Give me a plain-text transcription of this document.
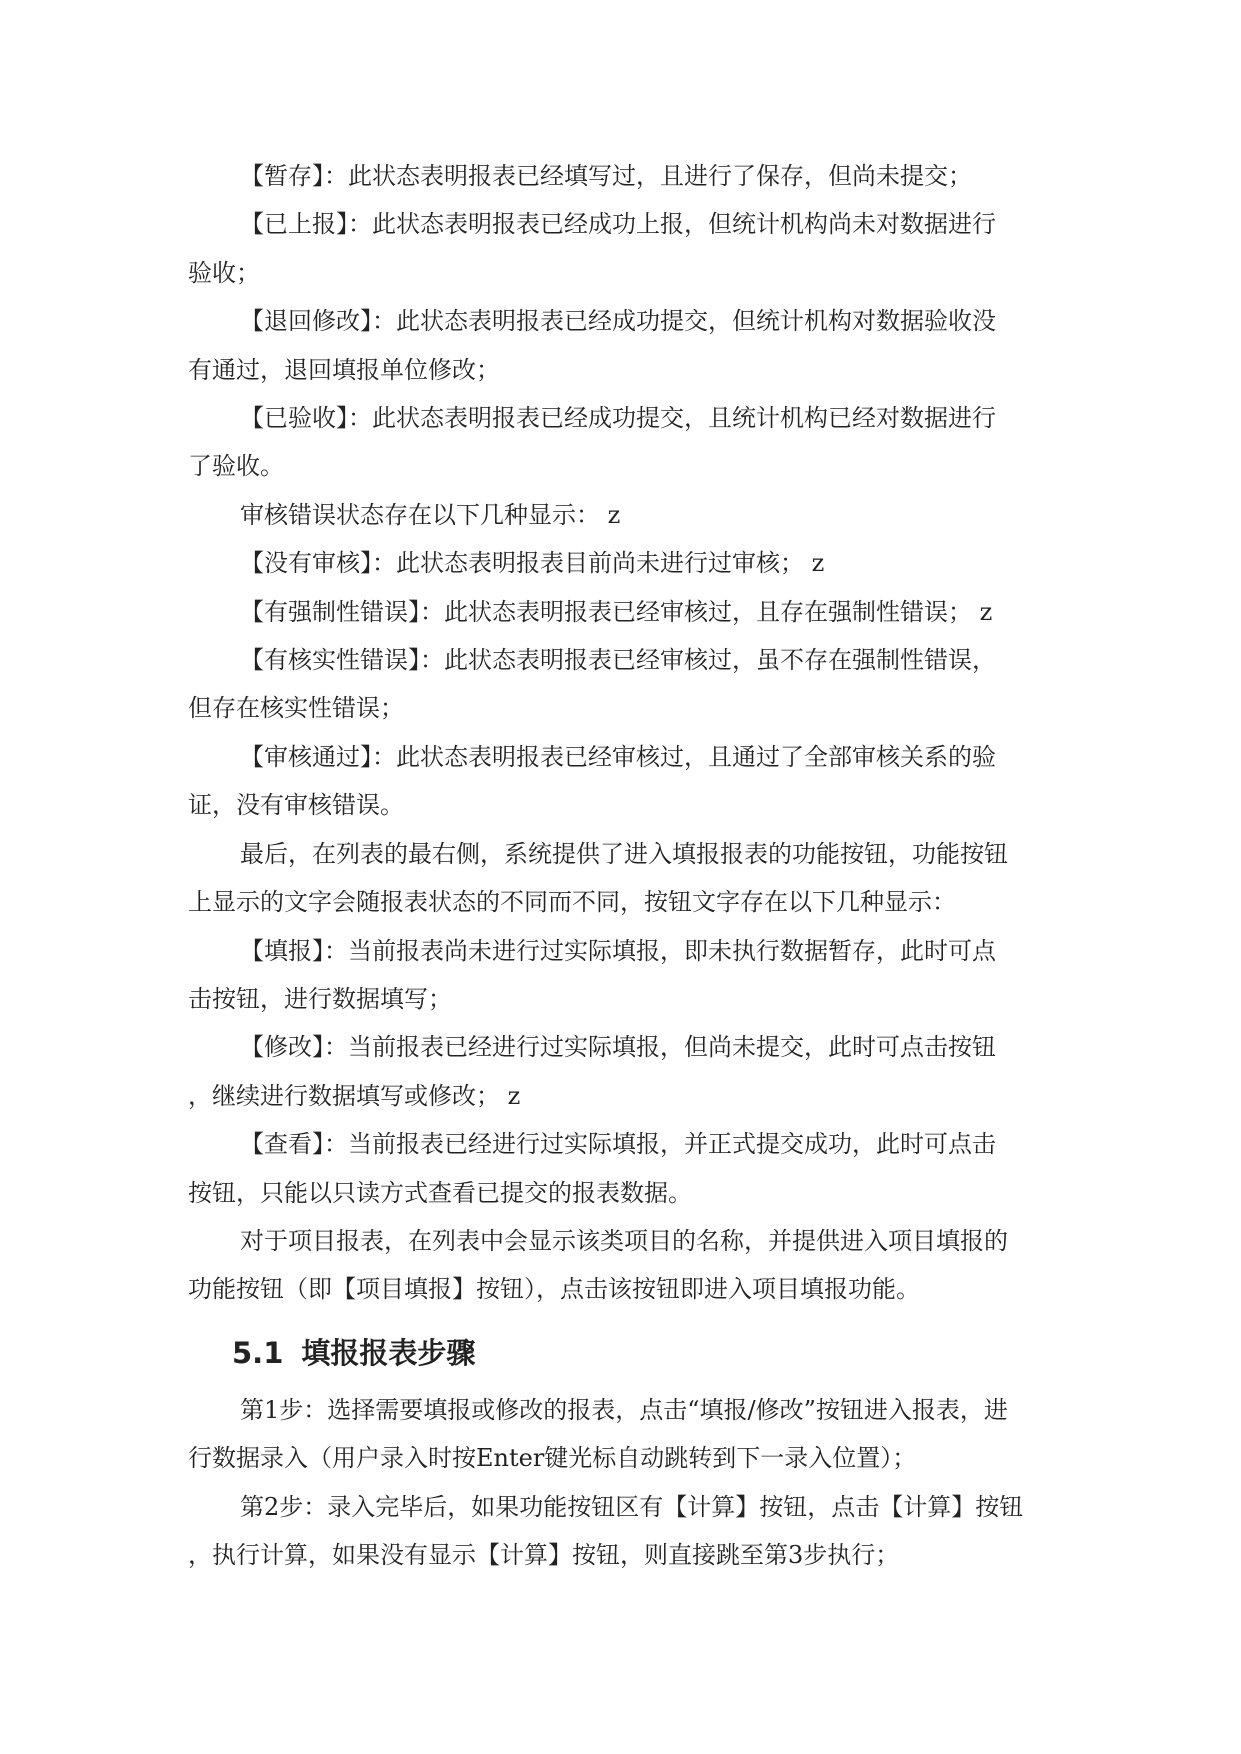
【暂存】：此状态表明报表已经填写过，且进行了保存，但尚未提交；
【已上报】：此状态表明报表已经成功上报，但统计机构尚未对数据进行
验收；
【退回修改】：此状态表明报表已经成功提交，但统计机构对数据验收没
有通过，退回填报单位修改；
【已验收】：此状态表明报表已经成功提交，且统计机构已经对数据进行
了验收。
审核错误状态存在以下几种显示： z
【没有审核】：此状态表明报表目前尚未进行过审核； z
【有强制性错误】：此状态表明报表已经审核过，且存在强制性错误； z
【有核实性错误】：此状态表明报表已经审核过，虽不存在强制性错误，
但存在核实性错误；
【审核通过】：此状态表明报表已经审核过，且通过了全部审核关系的验
证，没有审核错误。
最后，在列表的最右侧，系统提供了进入填报报表的功能按钮，功能按钮
上显示的文字会随报表状态的不同而不同，按钮文字存在以下几种显示：
【填报】：当前报表尚未进行过实际填报，即未执行数据暂存，此时可点
击按钮，进行数据填写；
【修改】：当前报表已经进行过实际填报，但尚未提交，此时可点击按钮
，继续进行数据填写或修改； z
【查看】：当前报表已经进行过实际填报，并正式提交成功，此时可点击
按钮，只能以只读方式查看已提交的报表数据。
对于项目报表，在列表中会显示该类项目的名称，并提供进入项目填报的
功能按钮（即【项目填报】按钮），点击该按钮即进入项目填报功能。
5.1 填报报表步骤
第1步：选择需要填报或修改的报表，点击“填报/修改”按钮进入报表，进
行数据录入（用户录入时按Enter键光标自动跳转到下一录入位置）；
第2步：录入完毕后，如果功能按钮区有【计算】按钮，点击【计算】按钮
，执行计算，如果没有显示【计算】按钮，则直接跳至第3步执行；
